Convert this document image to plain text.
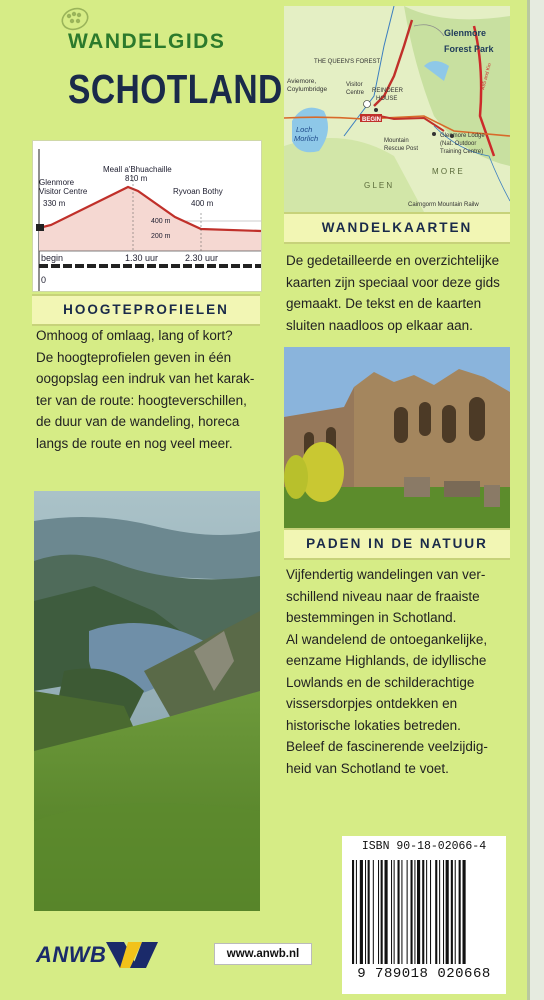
WANDELGIDS
SCHOTLAND
Glenmore
Visitor Centre
330 m
Meall a'Bhuachaille
810 m
Ryvoan Bothy
400 m
400 m
200 m
begin	1.30 uur	2.30 uur
0
HOOGTEPROFIELEN
Omhoog of omlaag, lang of kort?
De hoogteprofielen geven in één
oogopslag een indruk van het karak-
ter van de route: hoogteverschillen,
de duur van de wandeling, horeca
langs de route en nog veel meer.
Glenmore
Forest Park
THE QUEEN'S FOREST
Aviemore,
Coylumbridge
Visitor
Centre REINDEER
HOUSE
Loch
Morlich
BEGIN
Mountain
Rescue Post
Glenmore Lodge
(Nat. Outdoor
Training Centre)
G L E N
M O R E
Cairngorm Mountain Railw
A95 and Kin
WANDELKAARTEN
De gedetailleerde en overzichtelijke
kaarten zijn speciaal voor deze gids
gemaakt. De tekst en de kaarten
sluiten naadloos op elkaar aan.
PADEN IN DE NATUUR
Vijfendertig wandelingen van ver-
schillend niveau naar de fraaiste
bestemmingen in Schotland.
Al wandelend de ontoegankelijke,
eenzame Highlands, de idyllische
Lowlands en de schilderachtige
vissersdorpjes ontdekken en
historische lokaties betreden.
Beleef de fascinerende veelzijdig-
heid van Schotland te voet.
ISBN 90-18-02066-4
9 789018 020668
www.anwb.nl
ANWB
